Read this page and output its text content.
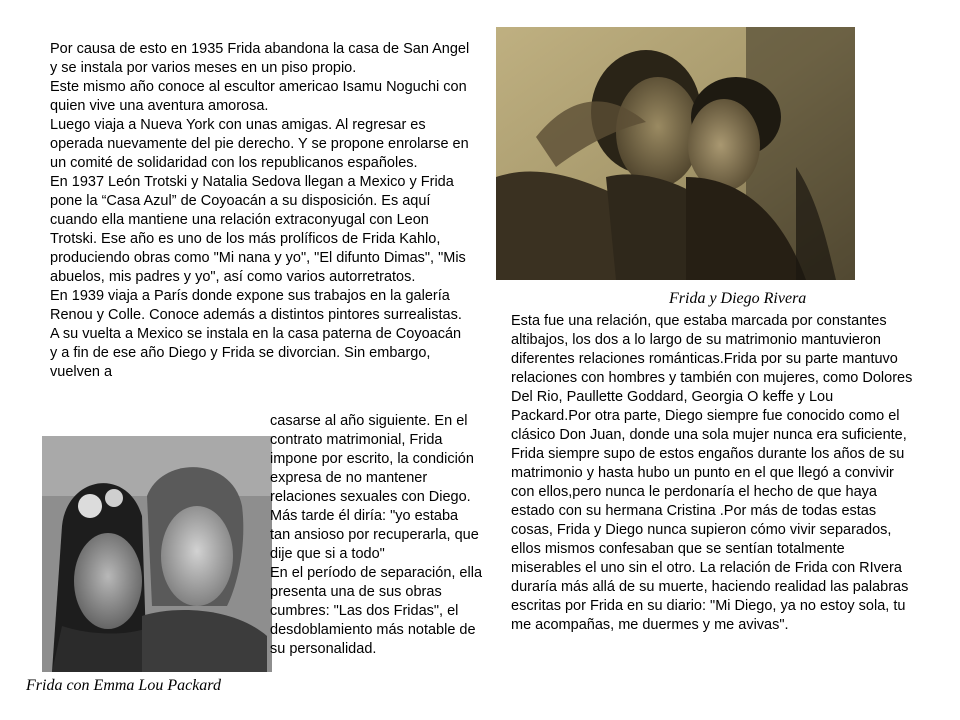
Por causa de esto en 1935 Frida abandona la casa de San Angel y se instala por varios meses en un piso propio.

Este mismo año conoce al escultor americao Isamu Noguchi con quien vive una aventura amorosa.

Luego viaja a Nueva York con unas amigas. Al regresar es operada nuevamente del pie derecho. Y se propone enrolarse en un comité de solidaridad con los republicanos españoles.

En 1937 León Trotski y Natalia Sedova llegan a Mexico y Frida pone la “Casa Azul” de Coyoacán a su disposición. Es aquí cuando ella mantiene una relación extraconyugal con Leon Trotski. Ese año es uno de los más prolíficos de Frida Kahlo, produciendo obras como "Mi nana y yo", "El difunto Dimas", "Mis abuelos, mis padres y yo", así como varios autorretratos.

En 1939 viaja a París donde expone sus trabajos en la galería Renou y Colle. Conoce además a distintos pintores surrealistas. A su vuelta a Mexico se instala en la casa paterna de Coyoacán y a fin de ese año Diego y Frida se divorcian. Sin embargo, vuelven a

Frida y Diego Rivera

Esta fue una relación, que estaba marcada por constantes altibajos, los dos a lo largo de su matrimonio mantuvieron diferentes relaciones románticas.Frida por su parte mantuvo relaciones con hombres y también con mujeres, como Dolores Del Rio, Paullette Goddard, Georgia O keffe y Lou Packard.Por otra parte, Diego siempre fue conocido como el clásico Don Juan, donde una sola mujer nunca era suficiente, Frida siempre supo de estos engaños durante los años de su matrimonio y hasta hubo un punto en el que llegó a convivir con ellos,pero nunca le perdonaría el hecho de que haya estado con su hermana Cristina .Por más de todas estas cosas, Frida y Diego nunca supieron cómo vivir separados, ellos mismos confesaban que se sentían totalmente miserables el uno sin el otro. La relación de Frida con RIvera duraría más allá de su muerte, haciendo realidad las palabras escritas por Frida en su diario: "Mi Diego, ya no estoy sola, tu me acompañas, me duermes y me avivas".

casarse al año siguiente. En el contrato matrimonial, Frida impone por escrito, la condición expresa de no mantener relaciones sexuales con Diego.

Más tarde él diría: "yo estaba tan ansioso por recuperarla, que dije que si a todo"

En el período de separación, ella presenta una de sus obras cumbres: "Las dos Fridas", el desdoblamiento más notable de su personalidad.

Frida con Emma Lou Packard
